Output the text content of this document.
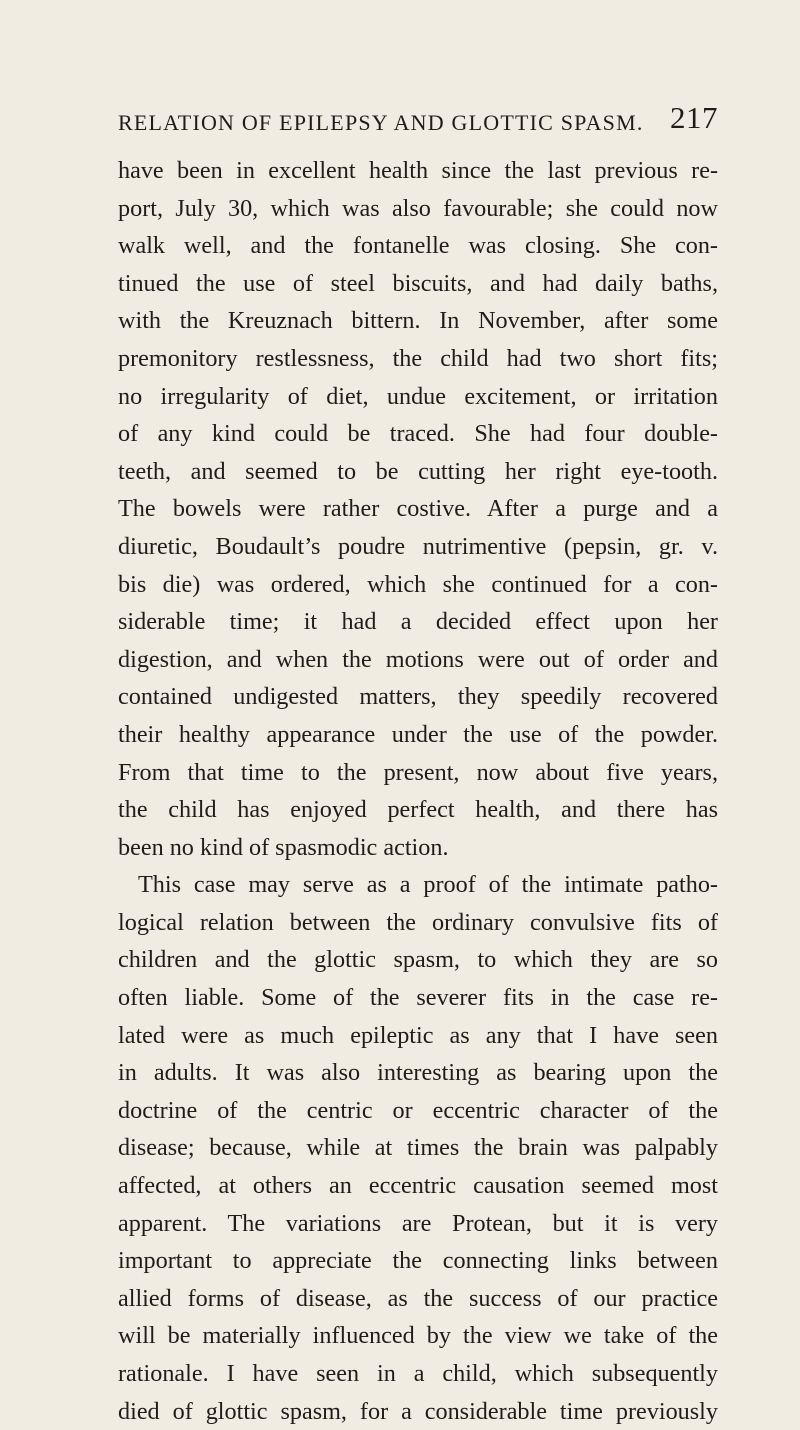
RELATION OF EPILEPSY AND GLOTTIC SPASM. 217
have been in excellent health since the last previous re-
port, July 30, which was also favourable; she could now
walk well, and the fontanelle was closing. She con-
tinued the use of steel biscuits, and had daily baths,
with the Kreuznach bittern. In November, after some
premonitory restlessness, the child had two short fits;
no irregularity of diet, undue excitement, or irritation
of any kind could be traced. She had four double-
teeth, and seemed to be cutting her right eye-tooth.
The bowels were rather costive. After a purge and a
diuretic, Boudault’s poudre nutrimentive (pepsin, gr. v.
bis die) was ordered, which she continued for a con-
siderable time; it had a decided effect upon her
digestion, and when the motions were out of order and
contained undigested matters, they speedily recovered
their healthy appearance under the use of the powder.
From that time to the present, now about five years,
the child has enjoyed perfect health, and there has
been no kind of spasmodic action.
This case may serve as a proof of the intimate patho-
logical relation between the ordinary convulsive fits of
children and the glottic spasm, to which they are so
often liable. Some of the severer fits in the case re-
lated were as much epileptic as any that I have seen
in adults. It was also interesting as bearing upon the
doctrine of the centric or eccentric character of the
disease; because, while at times the brain was palpably
affected, at others an eccentric causation seemed most
apparent. The variations are Protean, but it is very
important to appreciate the connecting links between
allied forms of disease, as the success of our practice
will be materially influenced by the view we take of the
rationale. I have seen in a child, which subsequently
died of glottic spasm, for a considerable time previously
